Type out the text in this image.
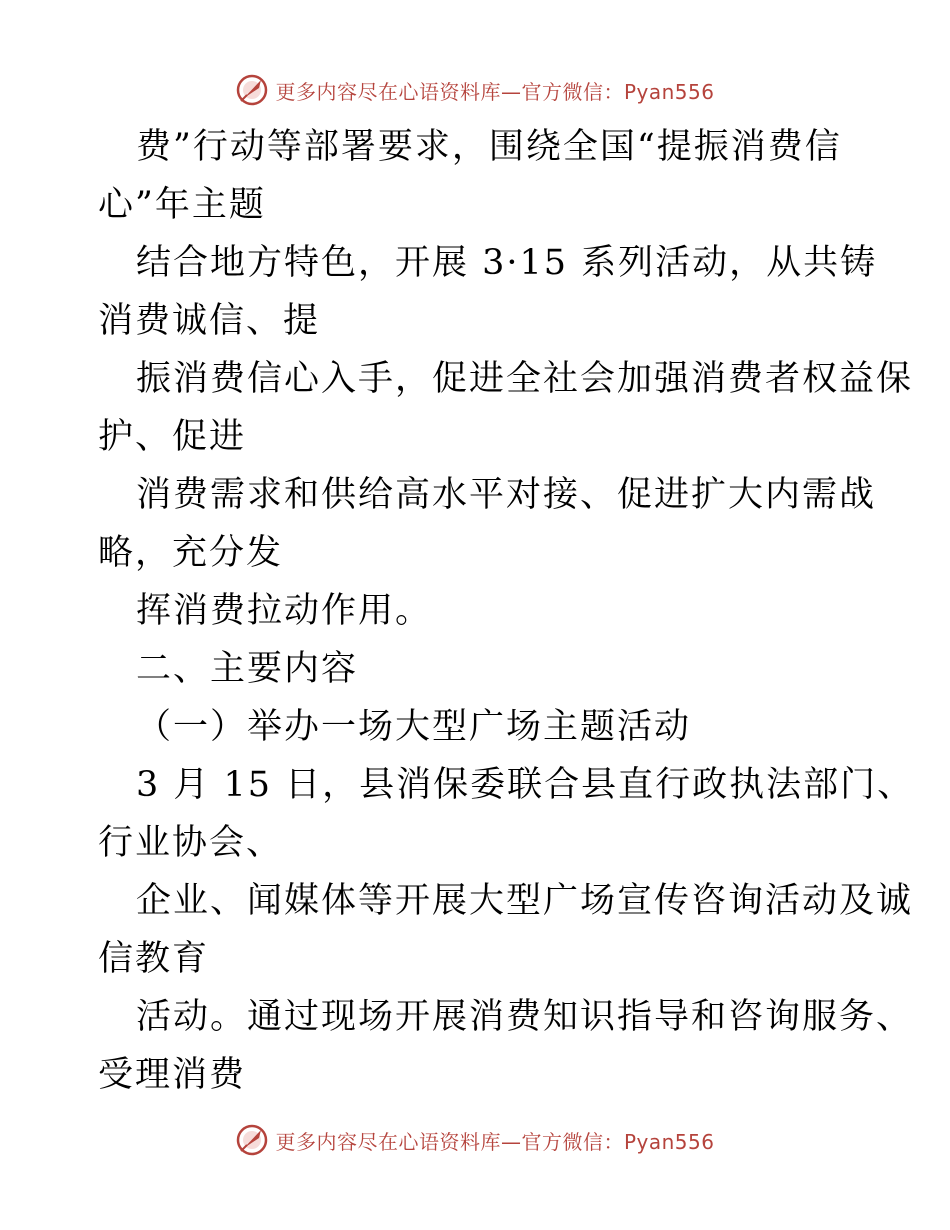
更多内容尽在心语资料库—官方微信：Pyan556
费”行动等部署要求，围绕全国“提振消费信
心”年主题
结合地方特色，开展 3·15 系列活动，从共铸
消费诚信、提
振消费信心入手，促进全社会加强消费者权益保
护、促进
消费需求和供给高水平对接、促进扩大内需战
略，充分发
挥消费拉动作用。
二、主要内容
（一）举办一场大型广场主题活动
3 月 15 日，县消保委联合县直行政执法部门、
行业协会、
企业、闻媒体等开展大型广场宣传咨询活动及诚
信教育
活动。通过现场开展消费知识指导和咨询服务、
受理消费
更多内容尽在心语资料库—官方微信：Pyan556
